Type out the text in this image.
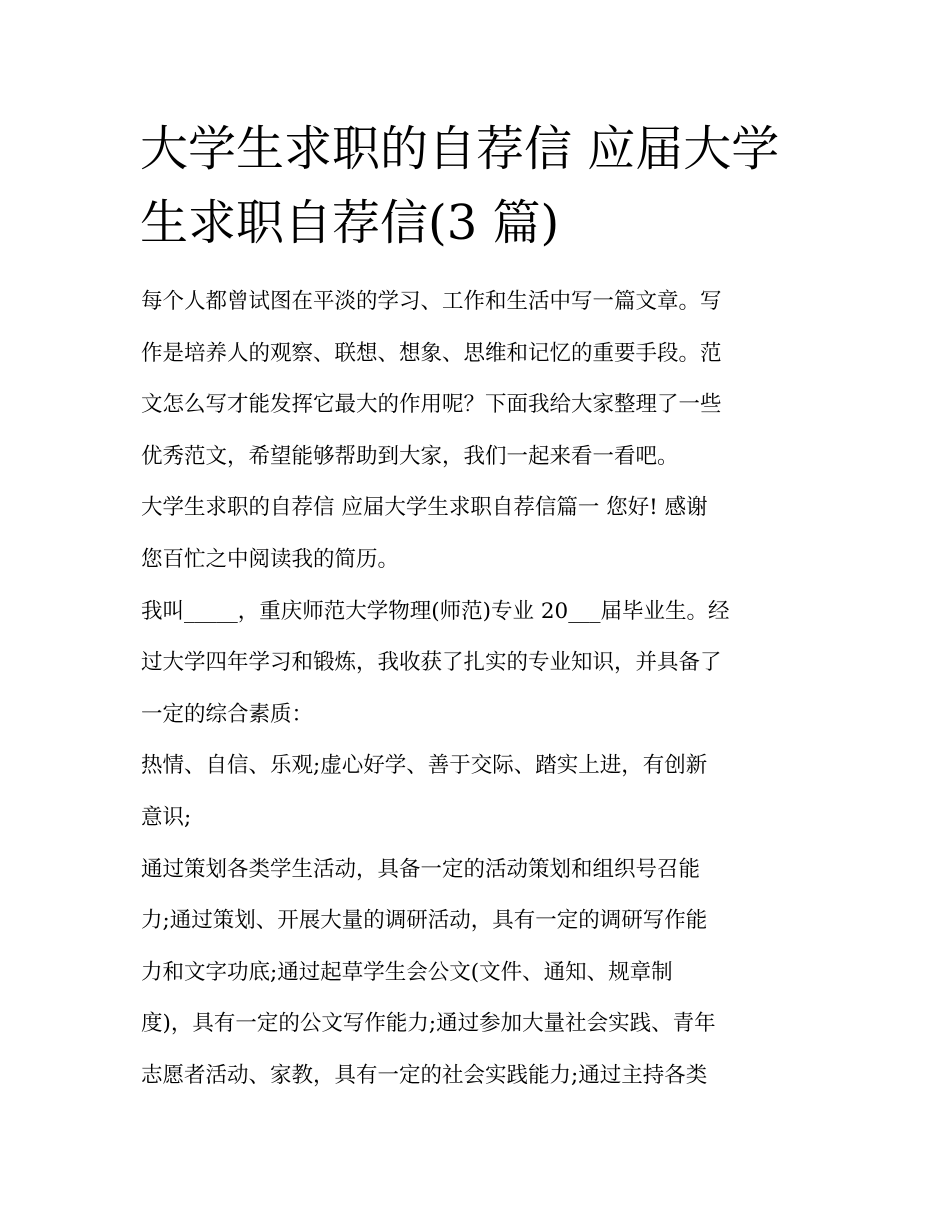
大学生求职的自荐信 应届大学
生求职自荐信(3 篇)
每个人都曾试图在平淡的学习、工作和生活中写一篇文章。写
作是培养人的观察、联想、想象、思维和记忆的重要手段。范
文怎么写才能发挥它最大的作用呢？下面我给大家整理了一些
优秀范文，希望能够帮助到大家，我们一起来看一看吧。
大学生求职的自荐信 应届大学生求职自荐信篇一 您好! 感谢
您百忙之中阅读我的简历。
我叫_____，重庆师范大学物理(师范)专业 20___届毕业生。经
过大学四年学习和锻炼，我收获了扎实的专业知识，并具备了
一定的综合素质：
热情、自信、乐观;虚心好学、善于交际、踏实上进，有创新
意识;
通过策划各类学生活动，具备一定的活动策划和组织号召能
力;通过策划、开展大量的调研活动，具有一定的调研写作能
力和文字功底;通过起草学生会公文(文件、通知、规章制
度)，具有一定的公文写作能力;通过参加大量社会实践、青年
志愿者活动、家教，具有一定的社会实践能力;通过主持各类
